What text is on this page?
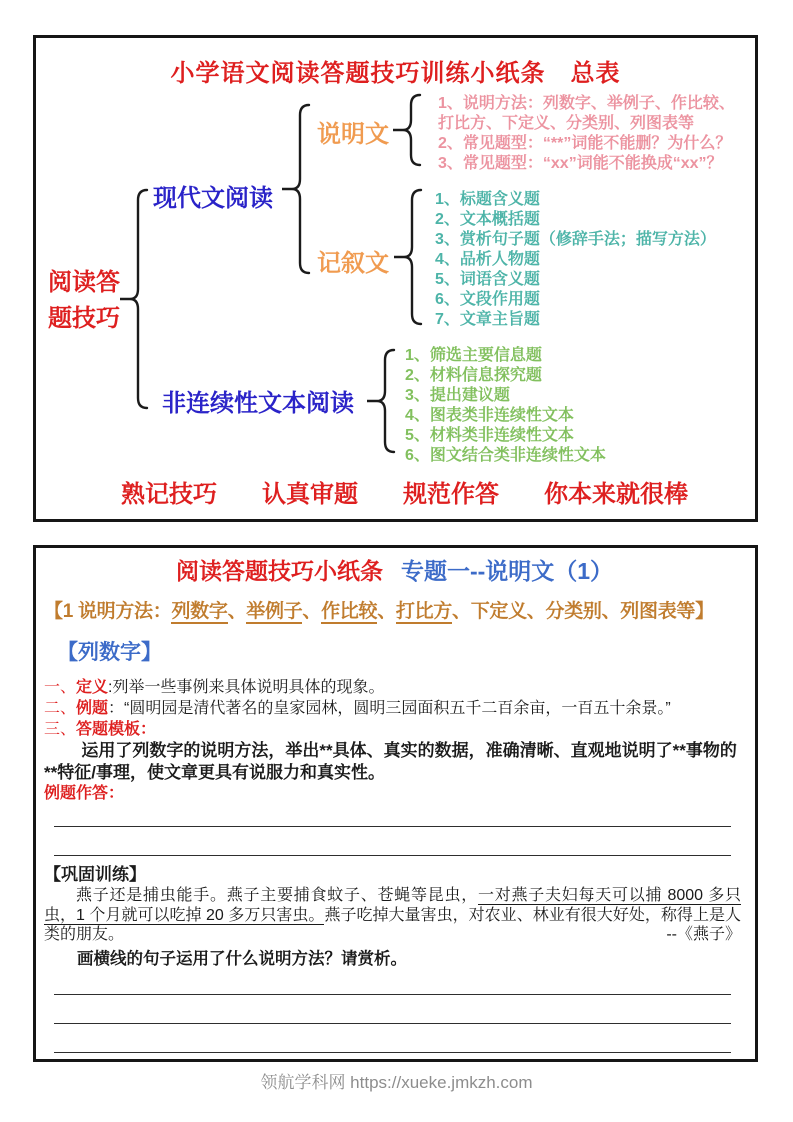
小学语文阅读答题技巧训练小纸条　总表
阅读答
题技巧
现代文阅读
非连续性文本阅读
说明文
记叙文
1、说明方法：列数字、举例子、作比较、
打比方、下定义、分类别、列图表等
2、常见题型：“**”词能不能删？为什么？
3、常见题型：“xx”词能不能换成“xx”？
1、标题含义题
2、文本概括题
3、赏析句子题（修辞手法；描写方法）
4、品析人物题
5、词语含义题
6、文段作用题
7、文章主旨题
1、筛选主要信息题
2、材料信息探究题
3、提出建议题
4、图表类非连续性文本
5、材料类非连续性文本
6、图文结合类非连续性文本
熟记技巧 认真审题 规范作答 你本来就很棒
阅读答题技巧小纸条 专题一--说明文（1）
【1 说明方法：列数字、举例子、作比较、打比方、下定义、分类别、列图表等】
【列数字】

一、定义:列举一些事例来具体说明具体的现象。

二、例题：“圆明园是清代著名的皇家园林，圆明三园面积五千二百余亩，一百五十余景。”

三、答题模板：

运用了列数字的说明方法，举出**具体、真实的数据，准确清晰、直观地说明了**事物的**特征/事理，使文章更具有说服力和真实性。

例题作答：

【巩固训练】

燕子还是捕虫能手。燕子主要捕食蚊子、苍蝇等昆虫，一对燕子夫妇每天可以捕 8000 多只虫，1 个月就可以吃掉 20 多万只害虫。燕子吃掉大量害虫，对农业、林业有很大好处，称得上是人类的朋友。	--《燕子》

画横线的句子运用了什么说明方法？请赏析。

领航学科网 https://xueke.jmkzh.com
